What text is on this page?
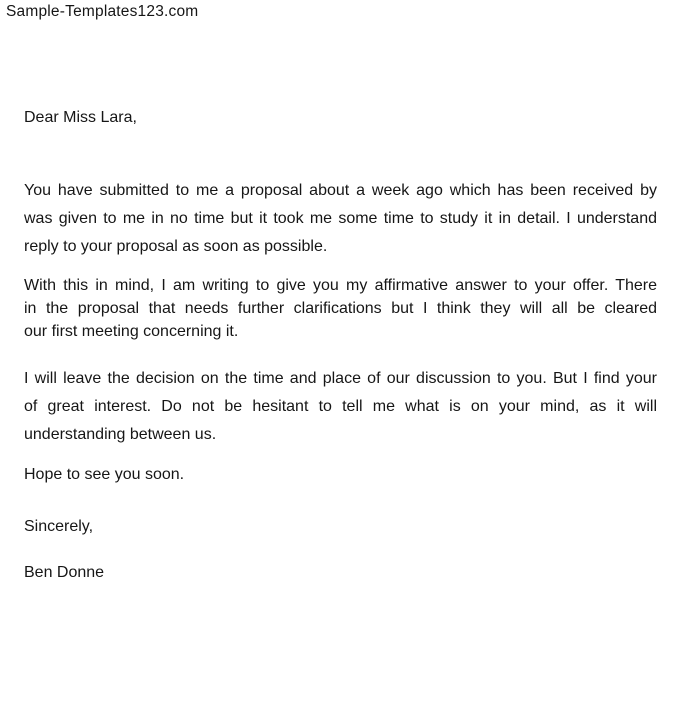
Sample-Templates123.com
Dear Miss Lara,
You have submitted to me a proposal about a week ago which has been received by
was given to me in no time but it took me some time to study it in detail. I understand
reply to your proposal as soon as possible.
With this in mind, I am writing to give you my affirmative answer to your offer. There
in the proposal that needs further clarifications but I think they will all be cleared
our first meeting concerning it.
I will leave the decision on the time and place of our discussion to you. But I find your
of great interest. Do not be hesitant to tell me what is on your mind, as it will
understanding between us.
Hope to see you soon.
Sincerely,
Ben Donne
